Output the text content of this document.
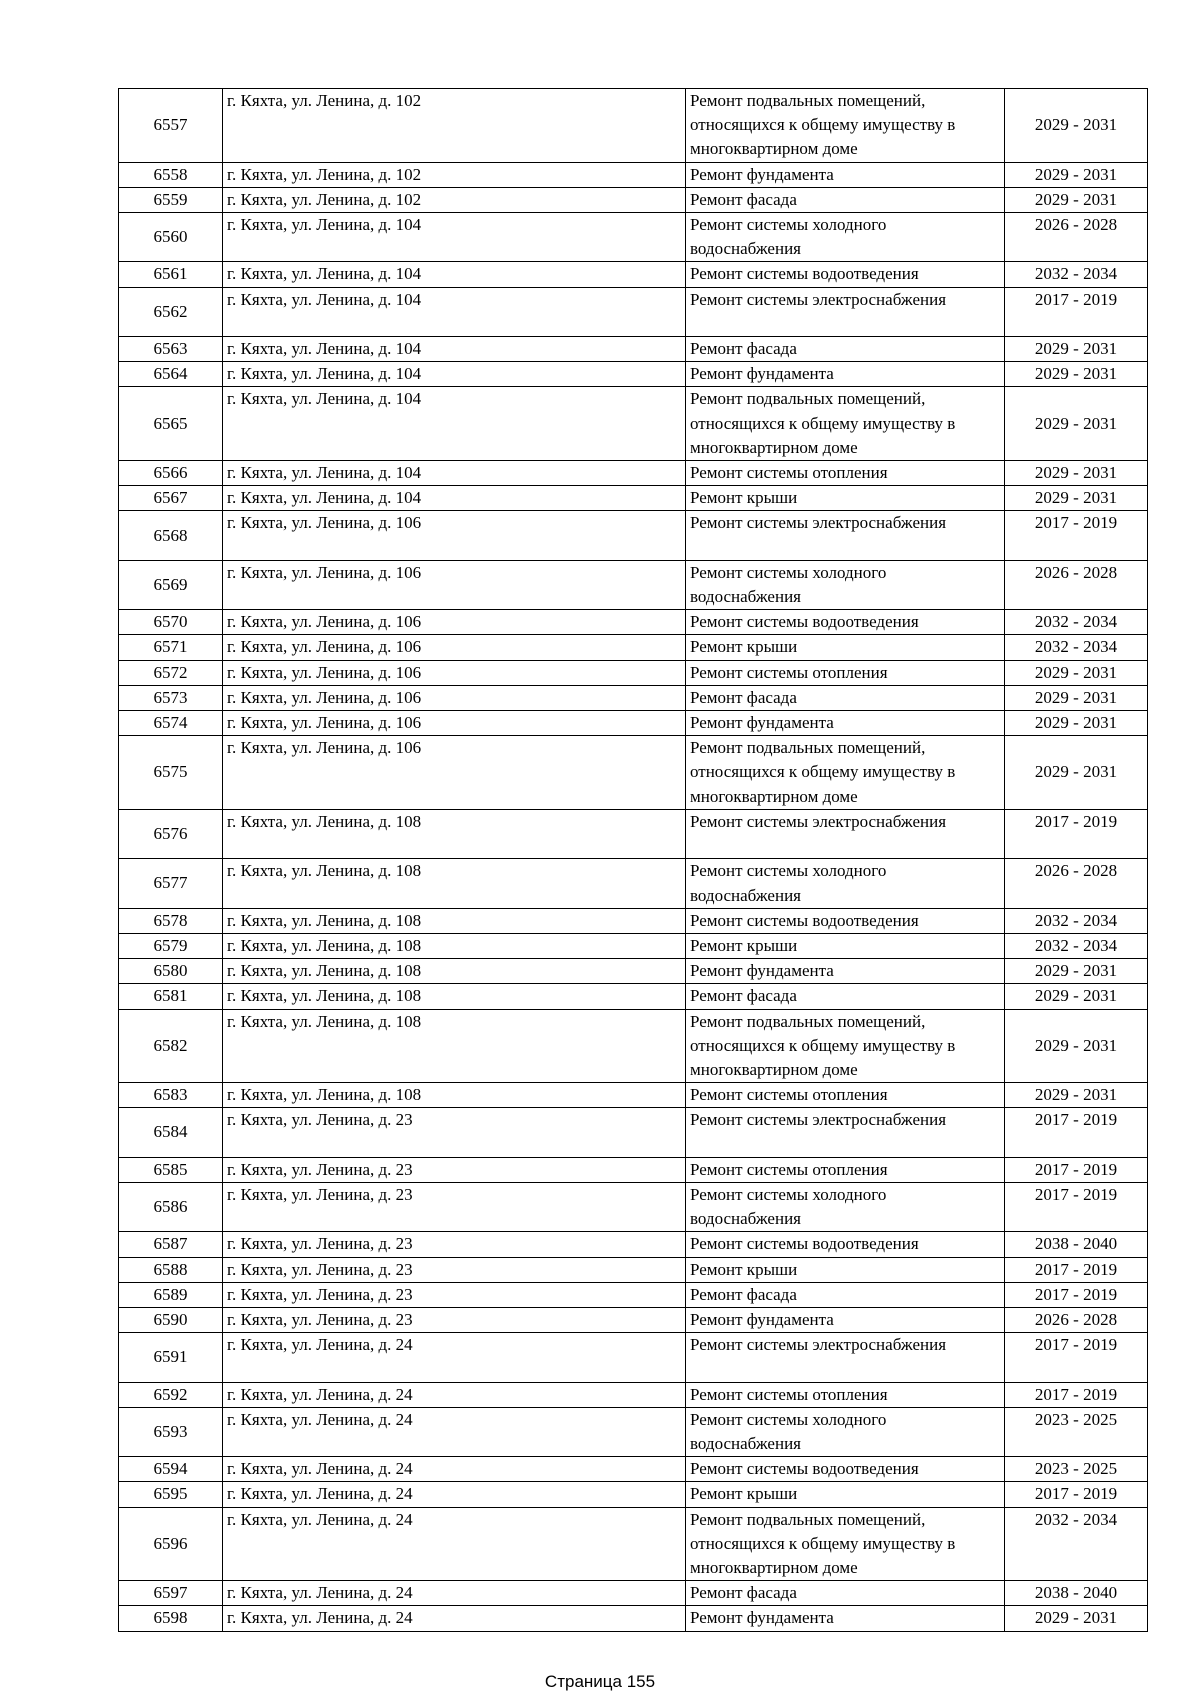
6557	г. Кяхта, ул. Ленина, д. 102	Ремонт подвальных помещений,
относящихся к общему имуществу в
многоквартирном доме	2029 - 2031
6558	г. Кяхта, ул. Ленина, д. 102	Ремонт фундамента	2029 - 2031
6559	г. Кяхта, ул. Ленина, д. 102	Ремонт фасада	2029 - 2031
6560	г. Кяхта, ул. Ленина, д. 104	Ремонт системы холодного
водоснабжения	2026 - 2028
6561	г. Кяхта, ул. Ленина, д. 104	Ремонт системы водоотведения	2032 - 2034
6562	г. Кяхта, ул. Ленина, д. 104	Ремонт системы электроснабжения	2017 - 2019
6563	г. Кяхта, ул. Ленина, д. 104	Ремонт фасада	2029 - 2031
6564	г. Кяхта, ул. Ленина, д. 104	Ремонт фундамента	2029 - 2031
6565	г. Кяхта, ул. Ленина, д. 104	Ремонт подвальных помещений,
относящихся к общему имуществу в
многоквартирном доме	2029 - 2031
6566	г. Кяхта, ул. Ленина, д. 104	Ремонт системы отопления	2029 - 2031
6567	г. Кяхта, ул. Ленина, д. 104	Ремонт крыши	2029 - 2031
6568	г. Кяхта, ул. Ленина, д. 106	Ремонт системы электроснабжения	2017 - 2019
6569	г. Кяхта, ул. Ленина, д. 106	Ремонт системы холодного
водоснабжения	2026 - 2028
6570	г. Кяхта, ул. Ленина, д. 106	Ремонт системы водоотведения	2032 - 2034
6571	г. Кяхта, ул. Ленина, д. 106	Ремонт крыши	2032 - 2034
6572	г. Кяхта, ул. Ленина, д. 106	Ремонт системы отопления	2029 - 2031
6573	г. Кяхта, ул. Ленина, д. 106	Ремонт фасада	2029 - 2031
6574	г. Кяхта, ул. Ленина, д. 106	Ремонт фундамента	2029 - 2031
6575	г. Кяхта, ул. Ленина, д. 106	Ремонт подвальных помещений,
относящихся к общему имуществу в
многоквартирном доме	2029 - 2031
6576	г. Кяхта, ул. Ленина, д. 108	Ремонт системы электроснабжения	2017 - 2019
6577	г. Кяхта, ул. Ленина, д. 108	Ремонт системы холодного
водоснабжения	2026 - 2028
6578	г. Кяхта, ул. Ленина, д. 108	Ремонт системы водоотведения	2032 - 2034
6579	г. Кяхта, ул. Ленина, д. 108	Ремонт крыши	2032 - 2034
6580	г. Кяхта, ул. Ленина, д. 108	Ремонт фундамента	2029 - 2031
6581	г. Кяхта, ул. Ленина, д. 108	Ремонт фасада	2029 - 2031
6582	г. Кяхта, ул. Ленина, д. 108	Ремонт подвальных помещений,
относящихся к общему имуществу в
многоквартирном доме	2029 - 2031
6583	г. Кяхта, ул. Ленина, д. 108	Ремонт системы отопления	2029 - 2031
6584	г. Кяхта, ул. Ленина, д. 23	Ремонт системы электроснабжения	2017 - 2019
6585	г. Кяхта, ул. Ленина, д. 23	Ремонт системы отопления	2017 - 2019
6586	г. Кяхта, ул. Ленина, д. 23	Ремонт системы холодного
водоснабжения	2017 - 2019
6587	г. Кяхта, ул. Ленина, д. 23	Ремонт системы водоотведения	2038 - 2040
6588	г. Кяхта, ул. Ленина, д. 23	Ремонт крыши	2017 - 2019
6589	г. Кяхта, ул. Ленина, д. 23	Ремонт фасада	2017 - 2019
6590	г. Кяхта, ул. Ленина, д. 23	Ремонт фундамента	2026 - 2028
6591	г. Кяхта, ул. Ленина, д. 24	Ремонт системы электроснабжения	2017 - 2019
6592	г. Кяхта, ул. Ленина, д. 24	Ремонт системы отопления	2017 - 2019
6593	г. Кяхта, ул. Ленина, д. 24	Ремонт системы холодного
водоснабжения	2023 - 2025
6594	г. Кяхта, ул. Ленина, д. 24	Ремонт системы водоотведения	2023 - 2025
6595	г. Кяхта, ул. Ленина, д. 24	Ремонт крыши	2017 - 2019
6596	г. Кяхта, ул. Ленина, д. 24	Ремонт подвальных помещений,
относящихся к общему имуществу в
многоквартирном доме	2032 - 2034
6597	г. Кяхта, ул. Ленина, д. 24	Ремонт фасада	2038 - 2040
6598	г. Кяхта, ул. Ленина, д. 24	Ремонт фундамента	2029 - 2031
Страница 155
